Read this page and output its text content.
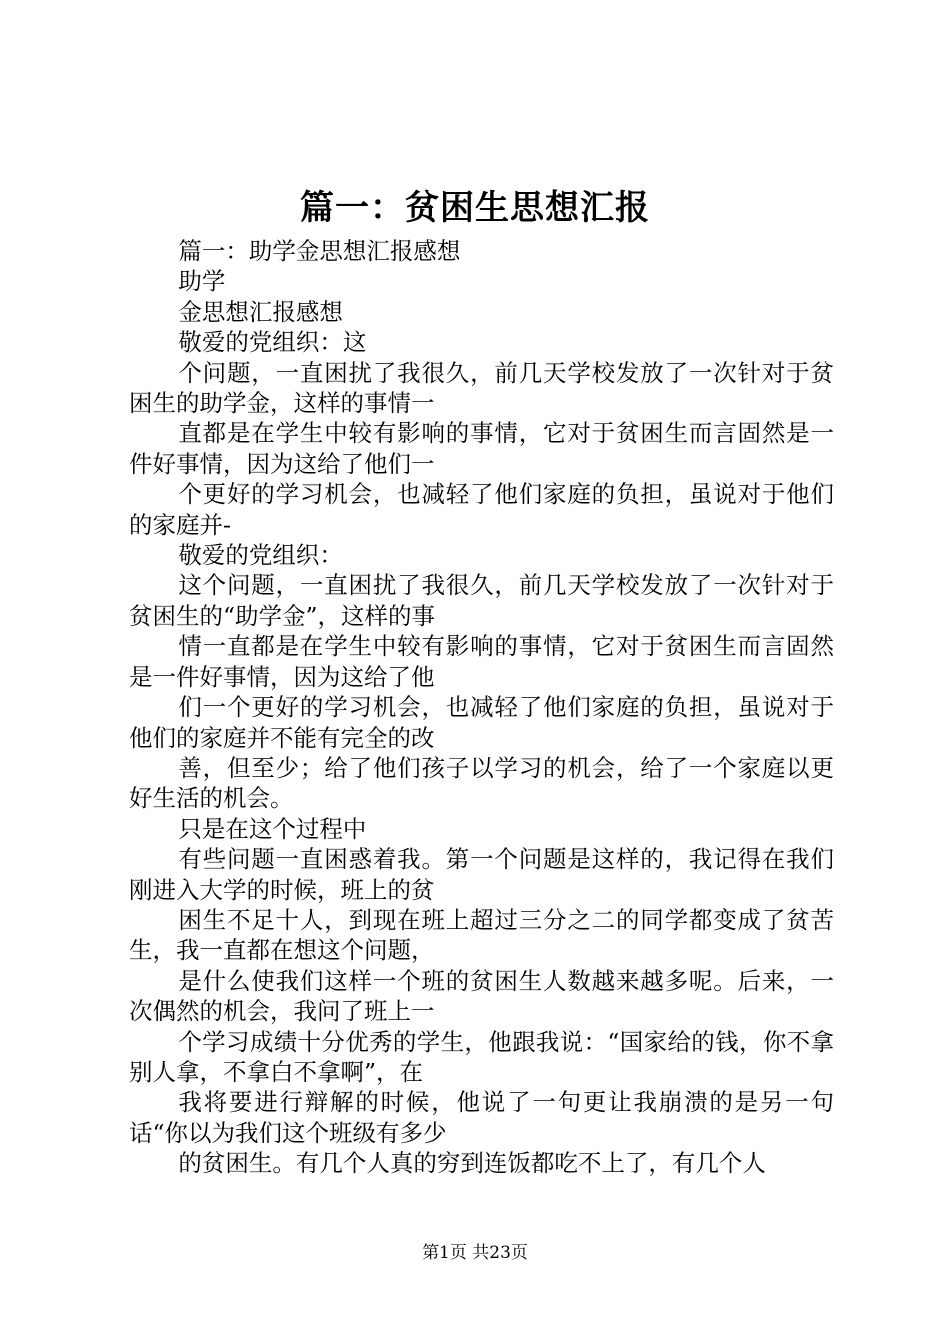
篇一：贫困生思想汇报

篇一：助学金思想汇报感想

助学

金思想汇报感想

敬爱的党组织：这

个问题，一直困扰了我很久，前几天学校发放了一次针对于贫困生的助学金，这样的事情一

直都是在学生中较有影响的事情，它对于贫困生而言固然是一件好事情，因为这给了他们一

个更好的学习机会，也减轻了他们家庭的负担，虽说对于他们的家庭并-

敬爱的党组织：

这个问题，一直困扰了我很久，前几天学校发放了一次针对于贫困生的“助学金”，这样的事

情一直都是在学生中较有影响的事情，它对于贫困生而言固然是一件好事情，因为这给了他

们一个更好的学习机会，也减轻了他们家庭的负担，虽说对于他们的家庭并不能有完全的改

善，但至少；给了他们孩子以学习的机会，给了一个家庭以更好生活的机会。

只是在这个过程中

有些问题一直困惑着我。第一个问题是这样的，我记得在我们刚进入大学的时候，班上的贫

困生不足十人，到现在班上超过三分之二的同学都变成了贫苦生，我一直都在想这个问题，

是什么使我们这样一个班的贫困生人数越来越多呢。后来，一次偶然的机会，我问了班上一

个学习成绩十分优秀的学生，他跟我说：“国家给的钱，你不拿别人拿，不拿白不拿啊”，在

我将要进行辩解的时候，他说了一句更让我崩溃的是另一句话“你以为我们这个班级有多少

的贫困生。有几个人真的穷到连饭都吃不上了，有几个人

第1页 共23页
